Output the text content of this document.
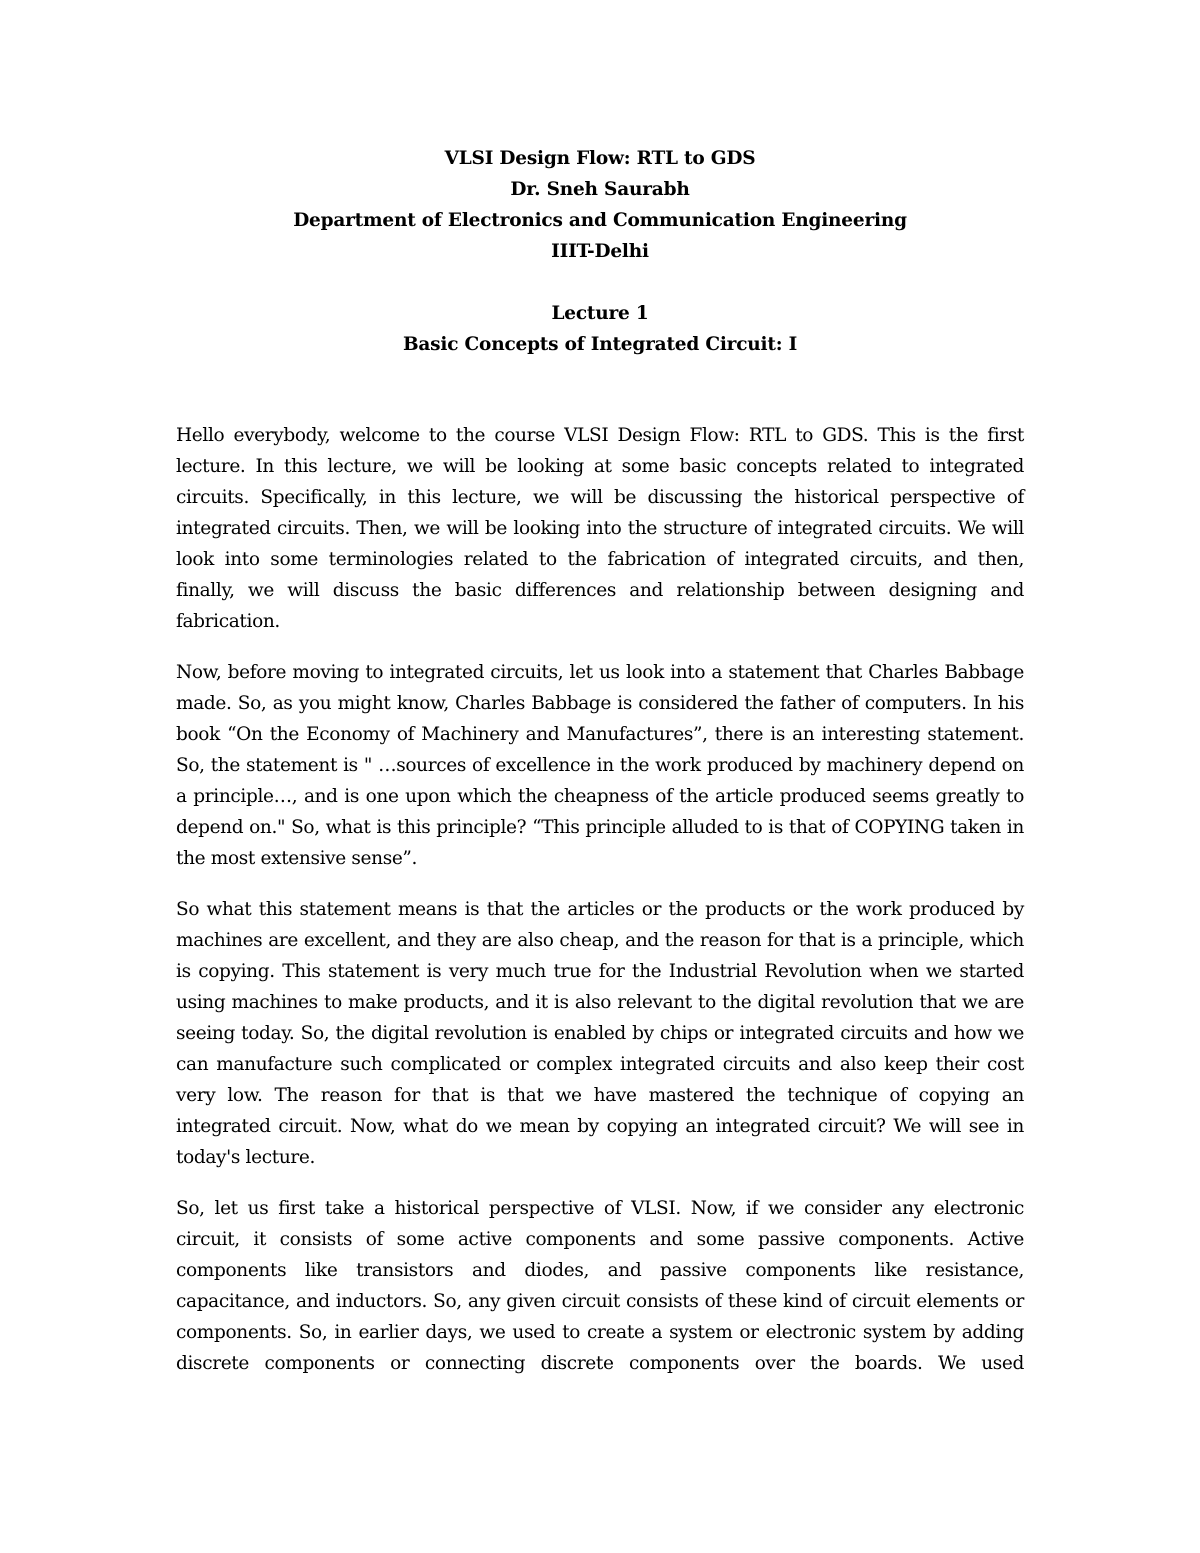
VLSI Design Flow: RTL to GDS
Dr. Sneh Saurabh
Department of Electronics and Communication Engineering
IIIT-Delhi
Lecture 1
Basic Concepts of Integrated Circuit: I

Hello everybody, welcome to the course VLSI Design Flow: RTL to GDS. This is the first lecture. In this lecture, we will be looking at some basic concepts related to integrated circuits. Specifically, in this lecture, we will be discussing the historical perspective of integrated circuits. Then, we will be looking into the structure of integrated circuits. We will look into some terminologies related to the fabrication of integrated circuits, and then, finally, we will discuss the basic differences and relationship between designing and fabrication.

Now, before moving to integrated circuits, let us look into a statement that Charles Babbage made. So, as you might know, Charles Babbage is considered the father of computers. In his book “On the Economy of Machinery and Manufactures”, there is an interesting statement. So, the statement is " …sources of excellence in the work produced by machinery depend on a principle…, and is one upon which the cheapness of the article produced seems greatly to depend on." So, what is this principle? “This principle alluded to is that of COPYING taken in the most extensive sense”.

So what this statement means is that the articles or the products or the work produced by machines are excellent, and they are also cheap, and the reason for that is a principle, which is copying. This statement is very much true for the Industrial Revolution when we started using machines to make products, and it is also relevant to the digital revolution that we are seeing today. So, the digital revolution is enabled by chips or integrated circuits and how we can manufacture such complicated or complex integrated circuits and also keep their cost very low. The reason for that is that we have mastered the technique of copying an integrated circuit. Now, what do we mean by copying an integrated circuit? We will see in today's lecture.

So, let us first take a historical perspective of VLSI. Now, if we consider any electronic circuit, it consists of some active components and some passive components. Active components like transistors and diodes, and passive components like resistance, capacitance, and inductors. So, any given circuit consists of these kind of circuit elements or components. So, in earlier days, we used to create a system or electronic system by adding discrete components or connecting discrete components over the boards. We used
